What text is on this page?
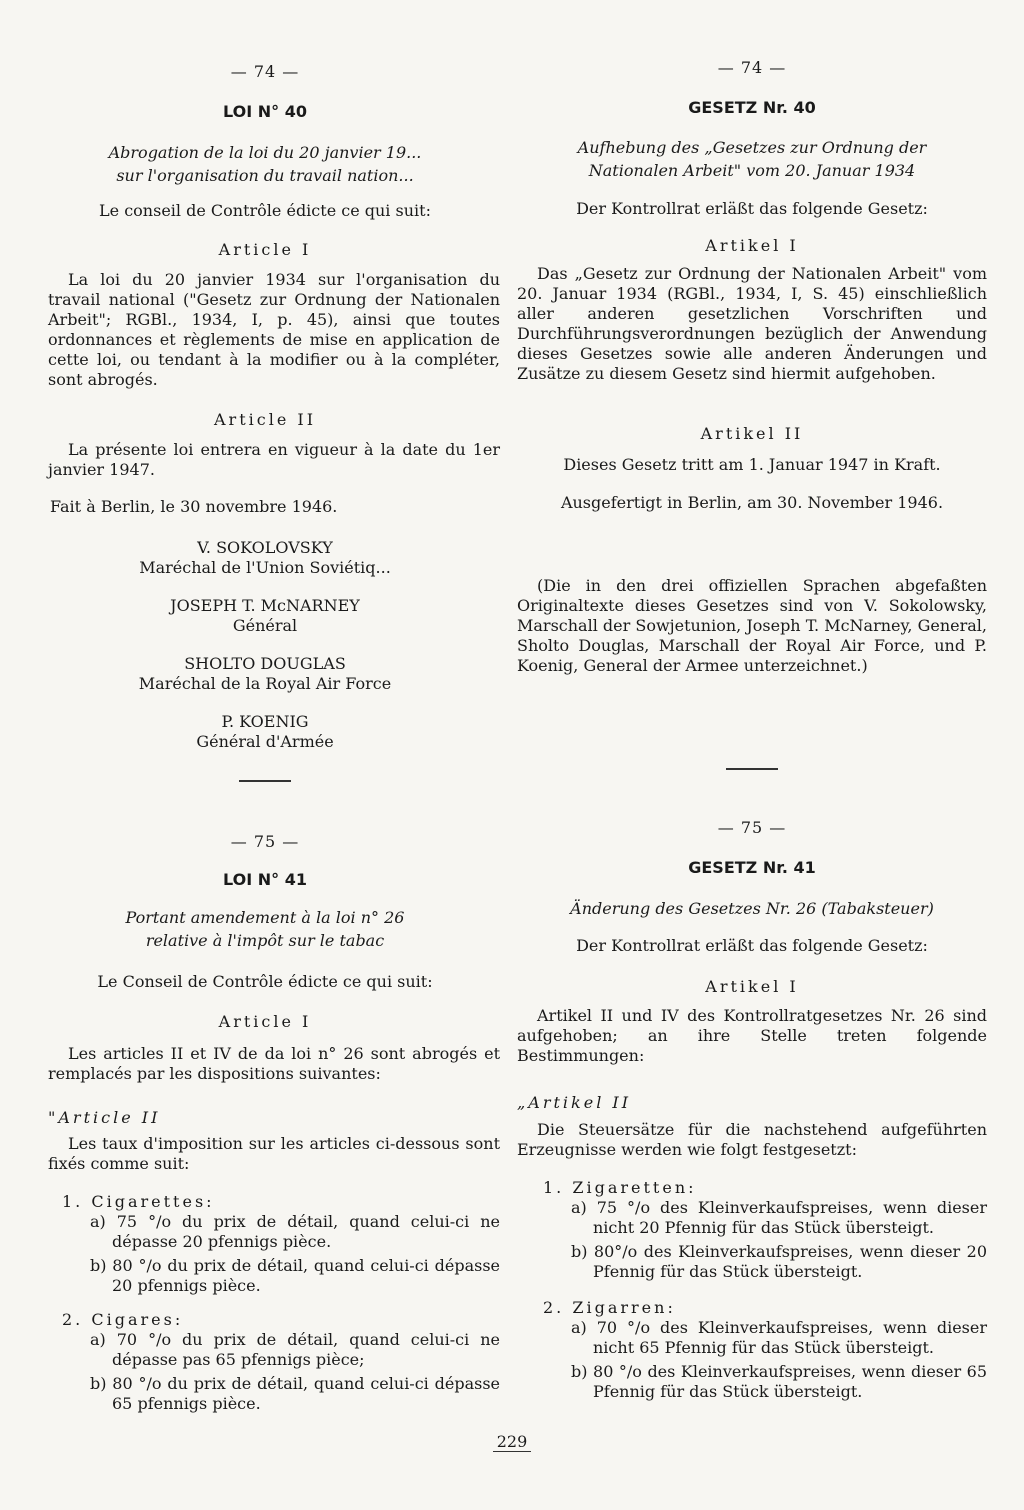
— 74 —
LOI N° 40
Abrogation de la loi du 20 janvier 19...
sur l'organisation du travail nation...
Le conseil de Contrôle édicte ce qui suit:
Article I

La loi du 20 janvier 1934 sur l'organisation du travail national ("Gesetz zur Ordnung der Nationalen Arbeit"; RGBl., 1934, I, p. 45), ainsi que toutes ordonnances et règlements de mise en application de cette loi, ou tendant à la modifier ou à la compléter, sont abrogés.

Article II

La présente loi entrera en vigueur à la date du 1er janvier 1947.

Fait à Berlin, le 30 novembre 1946.
V. SOKOLOVSKY
Maréchal de l'Union Soviétiq...
JOSEPH T. McNARNEY
Général
SHOLTO DOUGLAS
Maréchal de la Royal Air Force
P. KOENIG
Général d'Armée
— 75 —
LOI N° 41
Portant amendement à la loi n° 26
relative à l'impôt sur le tabac
Le Conseil de Contrôle édicte ce qui suit:
Article I

Les articles II et IV de da loi n° 26 sont abrogés et remplacés par les dispositions suivantes:

"Article II

Les taux d'imposition sur les articles ci-dessous sont fixés comme suit:

1. Cigarettes:
a) 75 °/o du prix de détail, quand celui-ci ne dépasse 20 pfennigs pièce.
b) 80 °/o du prix de détail, quand celui-ci dépasse 20 pfennigs pièce.
2. Cigares:
a) 70 °/o du prix de détail, quand celui-ci ne dépasse pas 65 pfennigs pièce;
b) 80 °/o du prix de détail, quand celui-ci dépasse 65 pfennigs pièce.
— 74 —
GESETZ Nr. 40
Aufhebung des „Gesetzes zur Ordnung der
Nationalen Arbeit" vom 20. Januar 1934
Der Kontrollrat erläßt das folgende Gesetz:
Artikel I

Das „Gesetz zur Ordnung der Nationalen Arbeit" vom 20. Januar 1934 (RGBl., 1934, I, S. 45) einschließlich aller anderen gesetzlichen Vorschriften und Durchführungsverordnungen bezüglich der Anwendung dieses Gesetzes sowie alle anderen Änderungen und Zusätze zu diesem Gesetz sind hiermit aufgehoben.

Artikel II
Dieses Gesetz tritt am 1. Januar 1947 in Kraft.
Ausgefertigt in Berlin, am 30. November 1946.

(Die in den drei offiziellen Sprachen abgefaßten Originaltexte dieses Gesetzes sind von V. Sokolowsky, Marschall der Sowjetunion, Joseph T. McNarney, General, Sholto Douglas, Marschall der Royal Air Force, und P. Koenig, General der Armee unterzeichnet.)

— 75 —
GESETZ Nr. 41
Änderung des Gesetzes Nr. 26 (Tabaksteuer)
Der Kontrollrat erläßt das folgende Gesetz:
Artikel I

Artikel II und IV des Kontrollratgesetzes Nr. 26 sind aufgehoben; an ihre Stelle treten folgende Bestimmungen:

„Artikel II

Die Steuersätze für die nachstehend aufgeführten Erzeugnisse werden wie folgt festgesetzt:

1. Zigaretten:
a) 75 °/o des Kleinverkaufspreises, wenn dieser nicht 20 Pfennig für das Stück übersteigt.
b) 80°/o des Kleinverkaufspreises, wenn dieser 20 Pfennig für das Stück übersteigt.
2. Zigarren:
a) 70 °/o des Kleinverkaufspreises, wenn dieser nicht 65 Pfennig für das Stück übersteigt.
b) 80 °/o des Kleinverkaufspreises, wenn dieser 65 Pfennig für das Stück übersteigt.
229
